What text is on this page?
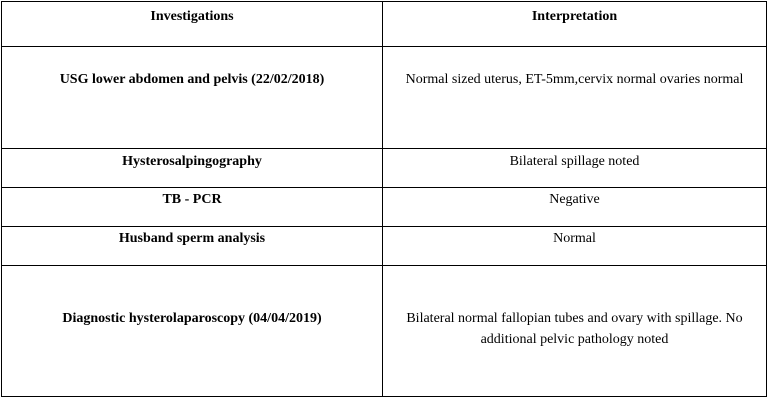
Investigations	Interpretation
USG lower abdomen and pelvis (22/02/2018)	Normal sized uterus, ET-5mm,cervix normal ovaries normal
Hysterosalpingography	Bilateral spillage noted
TB - PCR	Negative
Husband sperm analysis	Normal
Diagnostic hysterolaparoscopy (04/04/2019)	Bilateral normal fallopian tubes and ovary with spillage. No additional pelvic pathology noted
